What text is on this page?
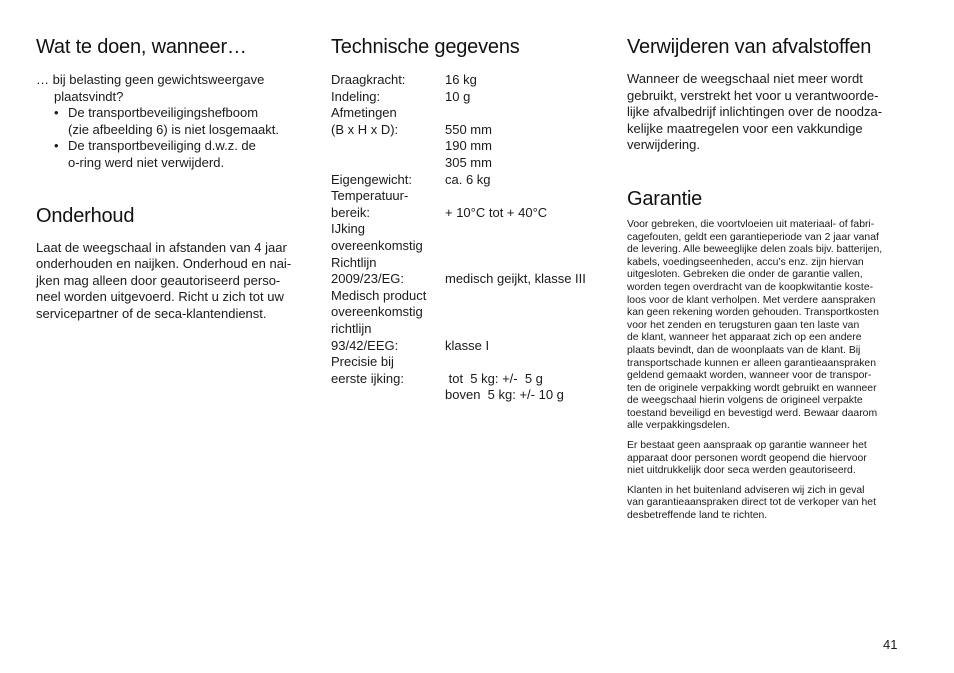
Wat te doen, wanneer…

… bij belasting geen gewichtsweergave

plaatsvindt?

• De transportbeveiligingshefboom
(zie afbeelding 6) is niet losgemaakt.
• De transportbeveiliging d.w.z. de
o-ring werd niet verwijderd.
Onderhoud

Laat de weegschaal in afstanden van 4 jaar

onderhouden en naijken. Onderhoud en nai-

jken mag alleen door geautoriseerd perso-

neel worden uitgevoerd. Richt u zich tot uw

servicepartner of de seca-klantendienst.

Technische gegevens
Draagkracht:	16 kg
Indeling:	10 g
Afmetingen
(B x H x D):	550 mm
190 mm
305 mm
Eigengewicht:	ca. 6 kg
Temperatuur-
bereik:	+ 10°C tot + 40°C
IJking
overeenkomstig
Richtlijn
2009/23/EG:	medisch geijkt, klasse III
Medisch product
overeenkomstig
richtlijn
93/42/EEG:	klasse I
Precisie bij
eerste ijking:	tot  5 kg: +/-  5 g
boven  5 kg: +/- 10 g
Verwijderen van afvalstoffen

Wanneer de weegschaal niet meer wordt

gebruikt, verstrekt het voor u verantwoorde-

lijke afvalbedrijf inlichtingen over de noodza-

kelijke maatregelen voor een vakkundige

verwijdering.

Garantie

Voor gebreken, die voortvloeien uit materiaal- of fabri-

cagefouten, geldt een garantieperiode van 2 jaar vanaf

de levering. Alle beweeglijke delen zoals bijv. batterijen,

kabels, voedingseenheden, accu’s enz. zijn hiervan

uitgesloten. Gebreken die onder de garantie vallen,

worden tegen overdracht van de koopkwitantie koste-

loos voor de klant verholpen. Met verdere aanspraken

kan geen rekening worden gehouden. Transportkosten

voor het zenden en terugsturen gaan ten laste van

de klant, wanneer het apparaat zich op een andere

plaats bevindt, dan de woonplaats van de klant. Bij

transportschade kunnen er alleen garantieaanspraken

geldend gemaakt worden, wanneer voor de transpor-

ten de originele verpakking wordt gebruikt en wanneer

de weegschaal hierin volgens de origineel verpakte

toestand beveiligd en bevestigd werd. Bewaar daarom

alle verpakkingsdelen.

Er bestaat geen aanspraak op garantie wanneer het

apparaat door personen wordt geopend die hiervoor

niet uitdrukkelijk door seca werden geautoriseerd.

Klanten in het buitenland adviseren wij zich in geval

van garantieaanspraken direct tot de verkoper van het

desbetreffende land te richten.

41
